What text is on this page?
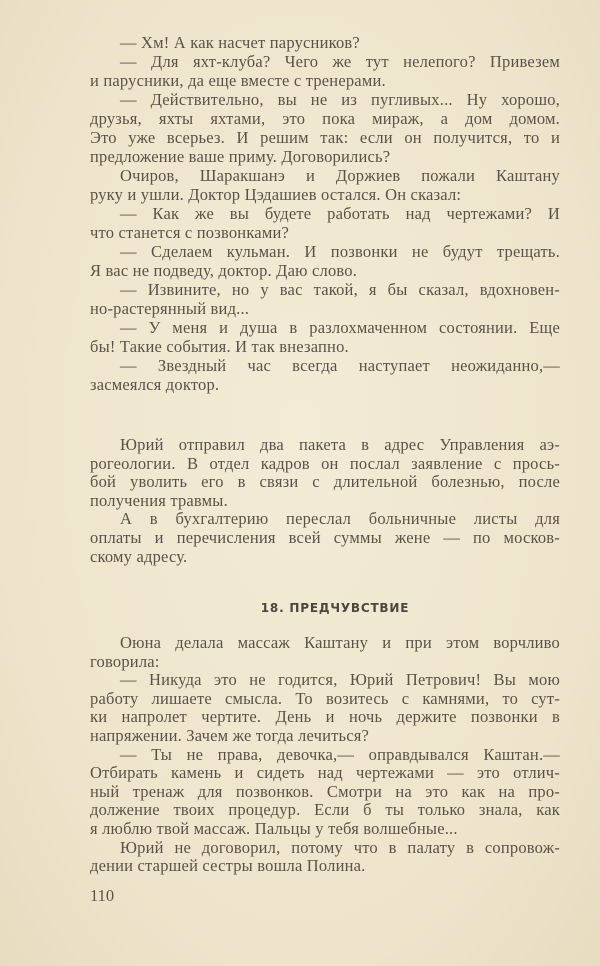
— Хм! А как насчет парусников?
— Для яхт-клуба? Чего же тут нелепого? Привезем
и парусники, да еще вместе с тренерами.
— Действительно, вы не из пугливых... Ну хорошо,
друзья, яхты яхтами, это пока мираж, а дом домом.
Это уже всерьез. И решим так: если он получится, то и
предложение ваше приму. Договорились?
Очиров, Шаракшанэ и Доржиев пожали Каштану
руку и ушли. Доктор Цэдашиев остался. Он сказал:
— Как же вы будете работать над чертежами? И
что станется с позвонками?
— Сделаем кульман. И позвонки не будут трещать.
Я вас не подведу, доктор. Даю слово.
— Извините, но у вас такой, я бы сказал, вдохновен-
но-растерянный вид...
— У меня и душа в разлохмаченном состоянии. Еще
бы! Такие события. И так внезапно.
— Звездный час всегда наступает неожиданно,—
засмеялся доктор.
Юрий отправил два пакета в адрес Управления аэ-
рогеологии. В отдел кадров он послал заявление с прось-
бой уволить его в связи с длительной болезнью, после
получения травмы.
А в бухгалтерию переслал больничные листы для
оплаты и перечисления всей суммы жене — по москов-
скому адресу.
18. ПРЕДЧУВСТВИЕ
Оюна делала массаж Каштану и при этом ворчливо
говорила:
— Никуда это не годится, Юрий Петрович! Вы мою
работу лишаете смысла. То возитесь с камнями, то сут-
ки напролет чертите. День и ночь держите позвонки в
напряжении. Зачем же тогда лечиться?
— Ты не права, девочка,— оправдывался Каштан.—
Отбирать камень и сидеть над чертежами — это отлич-
ный тренаж для позвонков. Смотри на это как на про-
должение твоих процедур. Если б ты только знала, как
я люблю твой массаж. Пальцы у тебя волшебные...
Юрий не договорил, потому что в палату в сопровож-
дении старшей сестры вошла Полина.
110
